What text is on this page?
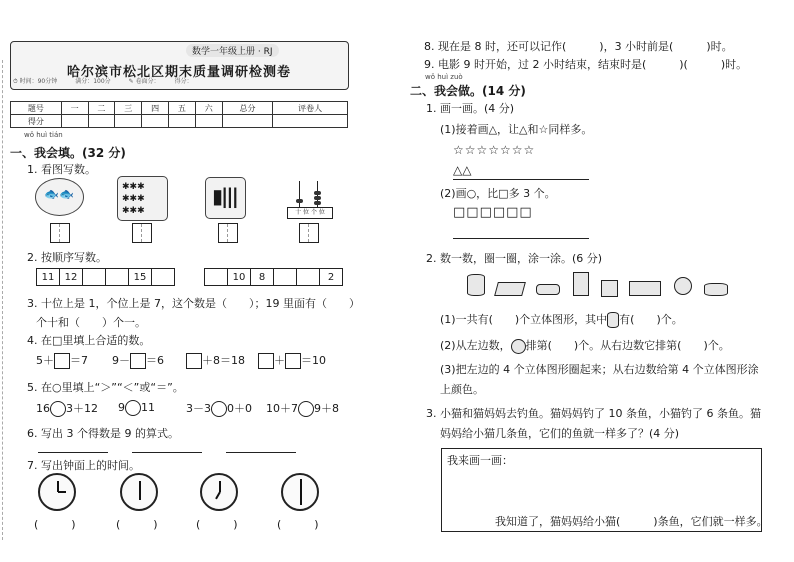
数学一年级上册 · RJ
哈尔滨市松北区期末质量调研检测卷
⏱ 时间：90分钟　　　满分：100分　　　✎ 卷面分：　　　得分：
题号	一	二	三	四	五	六	总分	评卷人
得分								
wǒ huì tián
一、我会填。(32 分)
1. 看图写数。
🐟🐟	✱✱✱
✱✱✱
✱✱✱
▮|||
十 位 个 位
2. 按顺序写数。
11	12			15	
		10	8			2
3. 十位上是 1，个位上是 7，这个数是（　　）；19 里面有（　　）
个十和（　　）个一。
4. 在□里填上合适的数。
5＋ ＝7 9－ ＝6	＋8＝18	＋ ＝10
5. 在○里填上“＞”“＜”或“＝”。
16 3＋12 9 11	3－3 0＋0 10＋7 9＋8
6. 写出 3 个得数是 9 的算式。
7. 写出钟面上的时间。
(　　　)	(　　　)	(　　　)	(　　　)
8. 现在是 8 时，还可以记作(　　　)，3 小时前是(　　　)时。
9. 电影 9 时开始，过 2 小时结束，结束时是(　　　)(　　　)时。
wǒ huì zuò
二、我会做。(14 分)
1. 画一画。(4 分)
(1)接着画△，让△和☆同样多。
☆☆☆☆☆☆☆
△△
(2)画○，比□多 3 个。
□□□□□□
2. 数一数，圈一圈，涂一涂。(6 分)
(1)一共有(　　)个立体图形，其中 有(　　)个。
(2)从左边数， 排第(　　)个。从右边数它排第(　　)个。
(3)把左边的 4 个立体图形圈起来；从右边数给第 4 个立体图形涂
上颜色。
3. 小猫和猫妈妈去钓鱼。猫妈妈钓了 10 条鱼，小猫钓了 6 条鱼。猫
妈妈给小猫几条鱼，它们的鱼就一样多了？(4 分)
我来画一画：
我知道了，猫妈妈给小猫(　　　)条鱼，它们就一样多。
